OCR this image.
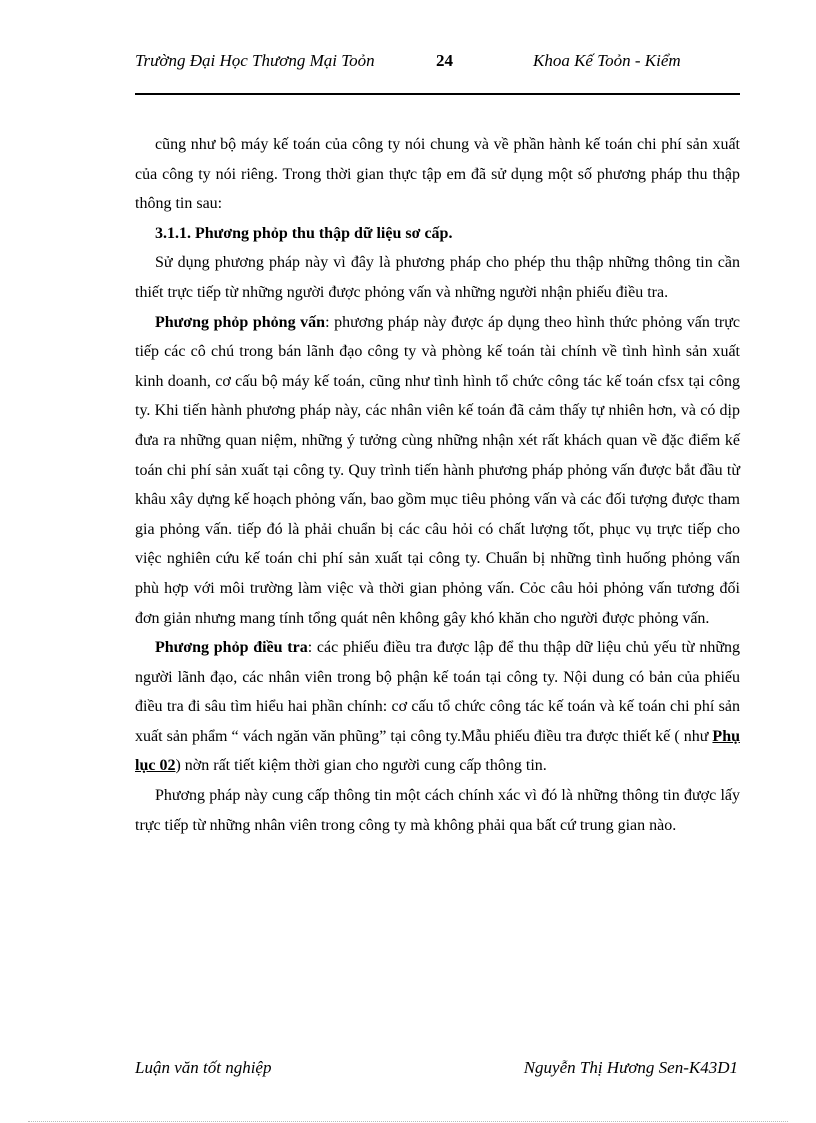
Trường Đại Học Thương Mại Toỏn	24	Khoa Kế Toỏn - Kiểm

cũng như bộ máy kế toán của công ty nói chung và về phần hành kế toán chi phí sản xuất của công ty nói riêng. Trong thời gian thực tập em đã sử dụng một số phương pháp thu thập thông tin sau:

3.1.1. Phương phỏp thu thập dữ liệu sơ cấp.

Sử dụng phương pháp này vì đây là phương pháp cho phép thu thập những thông tin cần thiết trực tiếp từ những người được phỏng vấn và những người nhận phiếu điều tra.

Phương phỏp phỏng vấn: phương pháp này được áp dụng theo hình thức phỏng vấn trực tiếp các cô chú trong bán lãnh đạo công ty và phòng kế toán tài chính về tình hình sản xuất kinh doanh, cơ cấu bộ máy kế toán, cũng như tình hình tổ chức công tác kế toán cfsx tại công ty. Khi tiến hành phương pháp này, các nhân viên kế toán đã cảm thấy tự nhiên hơn, và có dịp đưa ra những quan niệm, những ý tưởng cùng những nhận xét rất khách quan về đặc điểm kế toán chi phí sản xuất tại công ty. Quy trình tiến hành phương pháp phỏng vấn được bắt đầu từ khâu xây dựng kế hoạch phỏng vấn, bao gồm mục tiêu phỏng vấn và các đối tượng được tham gia phỏng vấn. tiếp đó là phải chuẩn bị các câu hỏi có chất lượng tốt, phục vụ trực tiếp cho việc nghiên cứu kế toán chi phí sản xuất tại công ty. Chuẩn bị những tình huống phỏng vấn phù hợp với môi trường làm việc và thời gian phỏng vấn. Cỏc câu hỏi phỏng vấn tương đối đơn giản nhưng mang tính tổng quát nên không gây khó khăn cho người được phỏng vấn.

Phương phỏp điều tra: các phiếu điều tra được lập để thu thập dữ liệu chủ yếu từ những người lãnh đạo, các nhân viên trong bộ phận kế toán tại công ty. Nội dung có bản của phiếu điều tra đi sâu tìm hiểu hai phần chính: cơ cấu tổ chức công tác kế toán và kế toán chi phí sản xuất sản phẩm “ vách ngăn văn phũng” tại công ty.Mẫu phiếu điều tra được thiết kế ( như Phụ lục 02) nờn rất tiết kiệm thời gian cho người cung cấp thông tin.

Phương pháp này cung cấp thông tin một cách chính xác vì đó là những thông tin được lấy trực tiếp từ những nhân viên trong công ty mà không phải qua bất cứ trung gian nào.

Luận văn tốt nghiệp	Nguyễn Thị Hương Sen-K43D1
